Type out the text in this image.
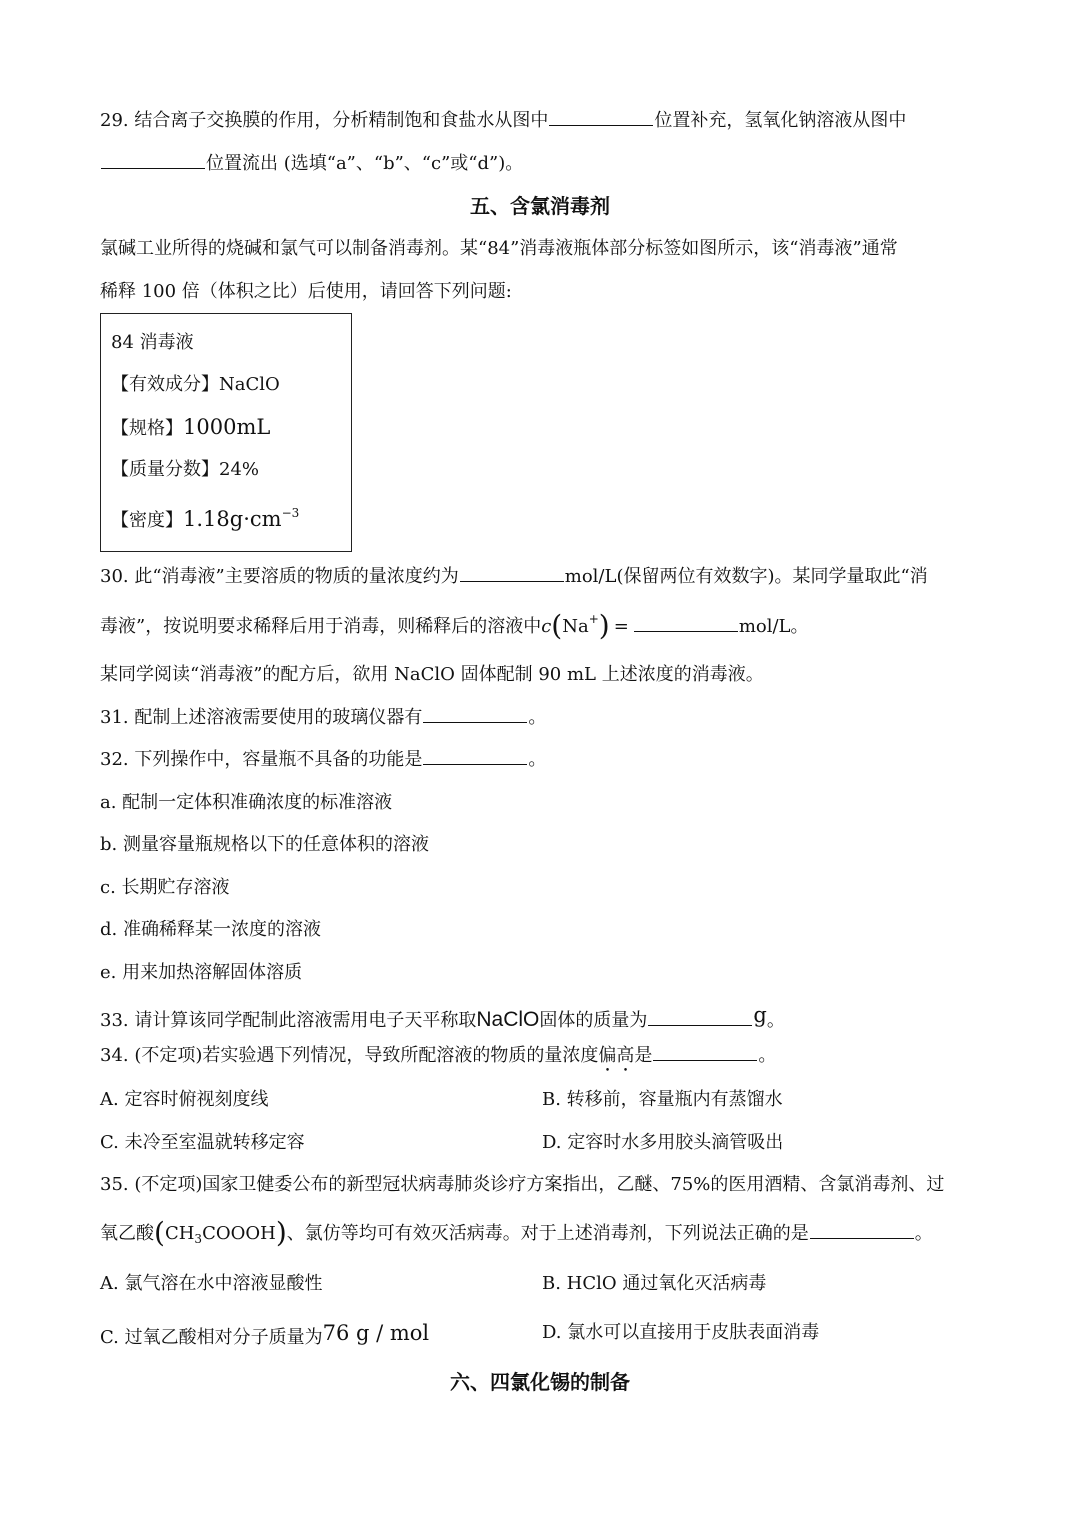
29. 结合离子交换膜的作用，分析精制饱和食盐水从图中	位置补充，氢氧化钠溶液从图中
位置流出 (选填“a”、“b”、“c”或“d”)。
五、含氯消毒剂
氯碱工业所得的烧碱和氯气可以制备消毒剂。某“84”消毒液瓶体部分标签如图所示，该“消毒液”通常
稀释 100 倍（体积之比）后使用，请回答下列问题:
84 消毒液
【有效成分】NaClO
【规格】1000mL
【质量分数】24%
【密度】$1.18g\cdot cm^{-3}$
30. 此“消毒液”主要溶质的物质的量浓度约为	mol/L(保留两位有效数字)。某同学量取此“消
毒液”，按说明要求稀释后用于消毒，则稀释后的溶液中c(Na+) =	mol/L。
某同学阅读“消毒液”的配方后，欲用 NaClO 固体配制 90 mL 上述浓度的消毒液。
31. 配制上述溶液需要使用的玻璃仪器有	。
32. 下列操作中，容量瓶不具备的功能是	。
a. 配制一定体积准确浓度的标准溶液
b. 测量容量瓶规格以下的任意体积的溶液
c. 长期贮存溶液
d. 准确稀释某一浓度的溶液
e. 用来加热溶解固体溶质
33. 请计算该同学配制此溶液需用电子天平称取NaClO固体的质量为	g。
34. (不定项)若实验遇下列情况，导致所配溶液的物质的量浓度偏高是	。
A. 定容时俯视刻度线	B. 转移前，容量瓶内有蒸馏水
C. 未冷至室温就转移定容	D. 定容时水多用胶头滴管吸出
35. (不定项)国家卫健委公布的新型冠状病毒肺炎诊疗方案指出，乙醚、75%的医用酒精、含氯消毒剂、过
氧乙酸$(CH_3COOOH)$、氯仿等均可有效灭活病毒。对于上述消毒剂，下列说法正确的是	。
A. 氯气溶在水中溶液显酸性	B. HClO 通过氧化灭活病毒
C. 过氧乙酸相对分子质量为76 g / mol	D. 氯水可以直接用于皮肤表面消毒
六、四氯化锡的制备
